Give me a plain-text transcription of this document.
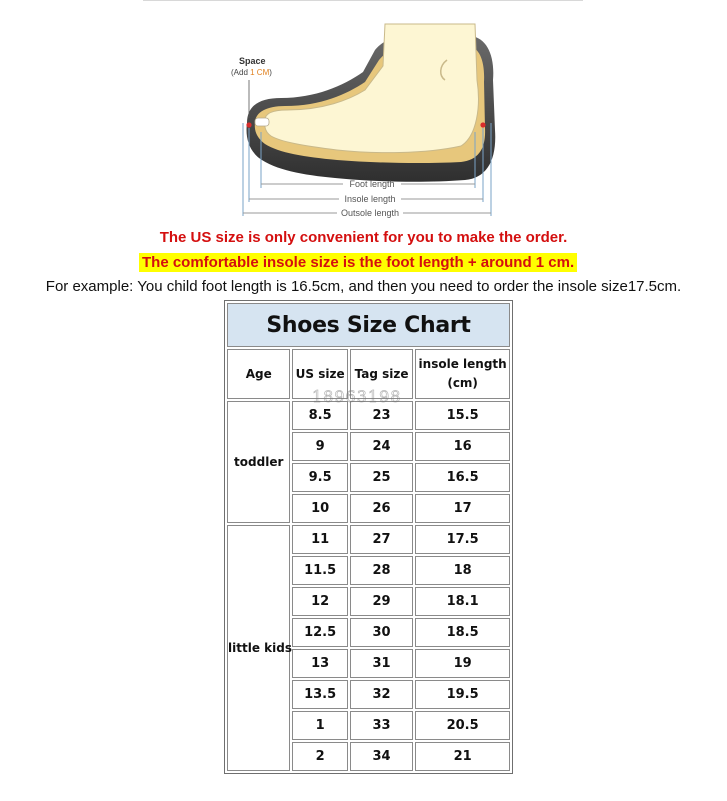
Foot length
Insole length
Outsole length
Space
(Add 1 CM)
The US size is only convenient for you to make the order.
The comfortable insole size is the foot length + around 1 cm.
For example: You child foot length is 16.5cm, and then you need to order the insole size17.5cm.
Shoes Size Chart			
Age	US size	Tag size	insole length
(cm)
toddler	8.5	23	15.5
	9	24	16
	9.5	25	16.5
	10	26	17
little kids	11	27	17.5
	11.5	28	18
	12	29	18.1
	12.5	30	18.5
	13	31	19
	13.5	32	19.5
	1	33	20.5
	2	34	21
